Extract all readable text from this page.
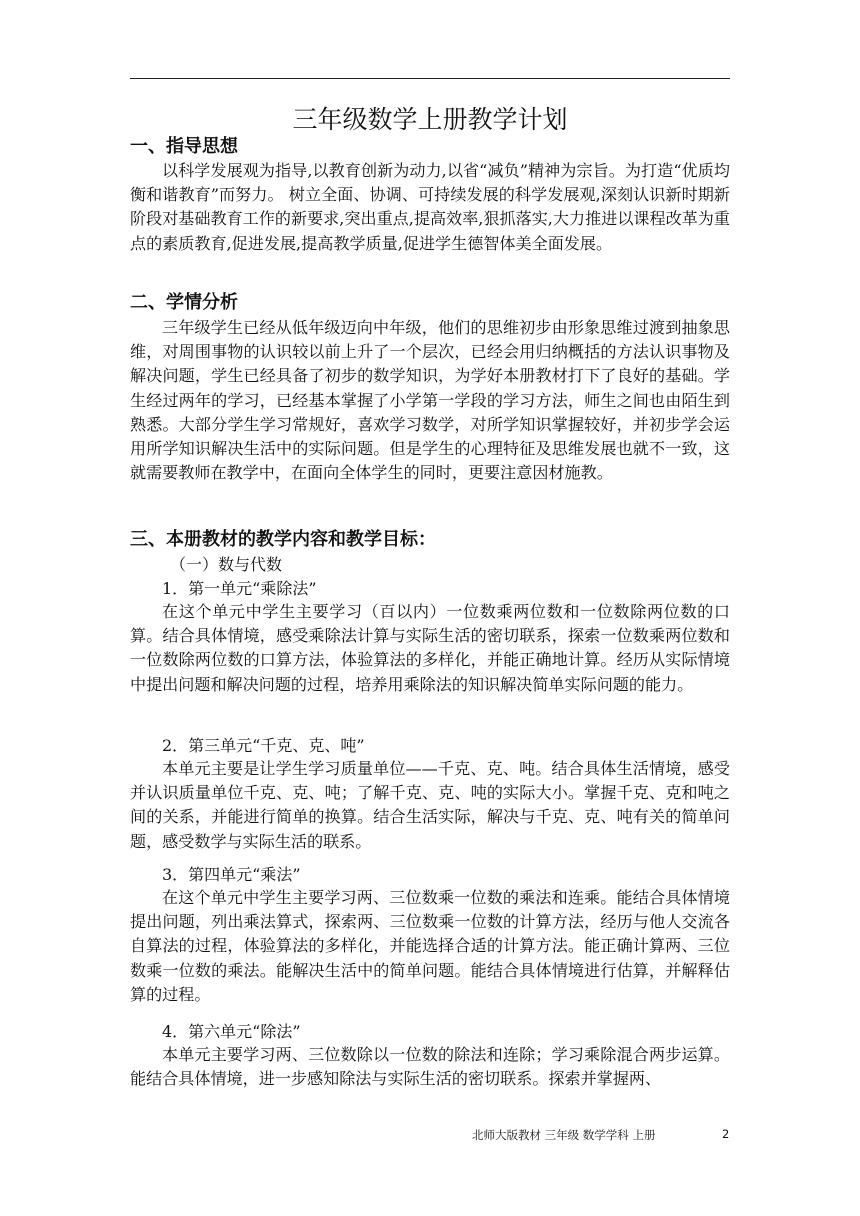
三年级数学上册教学计划
一、指导思想
以科学发展观为指导,以教育创新为动力,以省“减负”精神为宗旨。为打造“优质均衡和谐教育”而努力。 树立全面、协调、可持续发展的科学发展观,深刻认识新时期新阶段对基础教育工作的新要求,突出重点,提高效率,狠抓落实,大力推进以课程改革为重点的素质教育,促进发展,提高教学质量,促进学生德智体美全面发展。
二、学情分析
三年级学生已经从低年级迈向中年级，他们的思维初步由形象思维过渡到抽象思维，对周围事物的认识较以前上升了一个层次，已经会用归纳概括的方法认识事物及解决问题，学生已经具备了初步的数学知识，为学好本册教材打下了良好的基础。学生经过两年的学习，已经基本掌握了小学第一学段的学习方法，师生之间也由陌生到熟悉。大部分学生学习常规好，喜欢学习数学，对所学知识掌握较好，并初步学会运用所学知识解决生活中的实际问题。但是学生的心理特征及思维发展也就不一致，这就需要教师在教学中，在面向全体学生的同时，更要注意因材施教。
三、本册教材的教学内容和教学目标：
（一）数与代数
1．第一单元“乘除法”
在这个单元中学生主要学习（百以内）一位数乘两位数和一位数除两位数的口算。结合具体情境，感受乘除法计算与实际生活的密切联系，探索一位数乘两位数和一位数除两位数的口算方法，体验算法的多样化，并能正确地计算。经历从实际情境中提出问题和解决问题的过程，培养用乘除法的知识解决简单实际问题的能力。
2．第三单元“千克、克、吨”
本单元主要是让学生学习质量单位——千克、克、吨。结合具体生活情境，感受并认识质量单位千克、克、吨；了解千克、克、吨的实际大小。掌握千克、克和吨之间的关系，并能进行简单的换算。结合生活实际，解决与千克、克、吨有关的简单问题，感受数学与实际生活的联系。
3．第四单元“乘法”
在这个单元中学生主要学习两、三位数乘一位数的乘法和连乘。能结合具体情境提出问题，列出乘法算式，探索两、三位数乘一位数的计算方法，经历与他人交流各自算法的过程，体验算法的多样化，并能选择合适的计算方法。能正确计算两、三位数乘一位数的乘法。能解决生活中的简单问题。能结合具体情境进行估算，并解释估算的过程。
4．第六单元“除法”
本单元主要学习两、三位数除以一位数的除法和连除；学习乘除混合两步运算。能结合具体情境，进一步感知除法与实际生活的密切联系。探索并掌握两、
北师大版教材 三年级 数学学科 上册	2
